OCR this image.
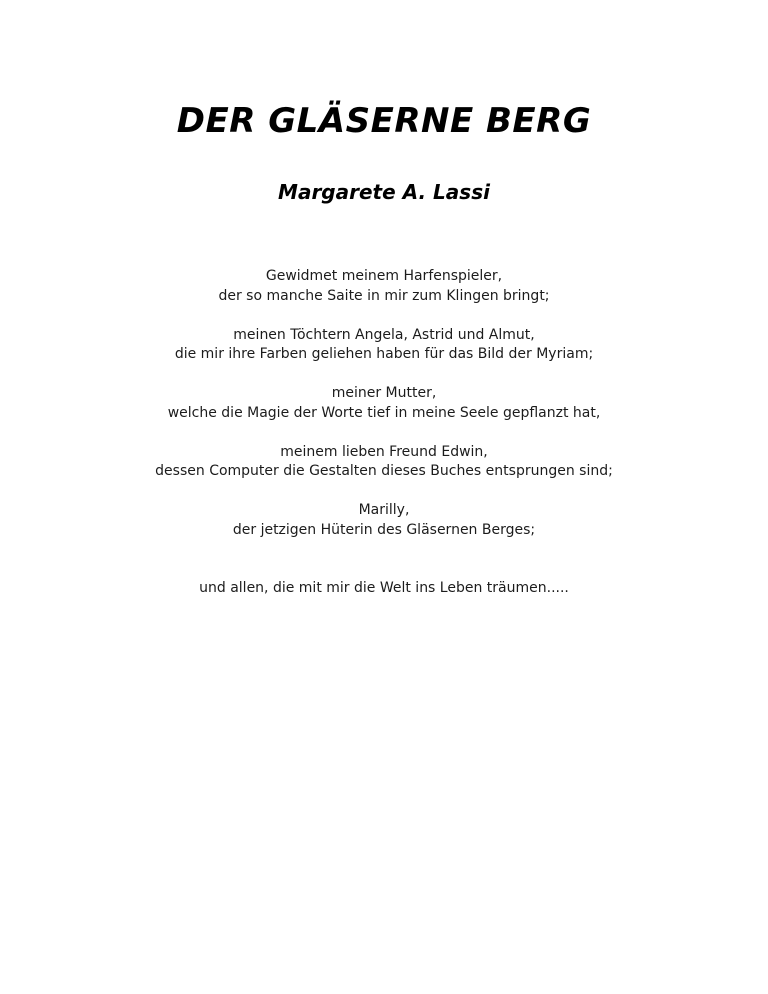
DER GLÄSERNE BERG
Margarete A. Lassi

Gewidmet meinem Harfenspieler,
der so manche Saite in mir zum Klingen bringt;

meinen Töchtern Angela, Astrid und Almut,
die mir ihre Farben geliehen haben für das Bild der Myriam;

meiner Mutter,
welche die Magie der Worte tief in meine Seele gepflanzt hat,

meinem lieben Freund Edwin,
dessen Computer die Gestalten dieses Buches entsprungen sind;

Marilly,
der jetzigen Hüterin des Gläsernen Berges;

und allen, die mit mir die Welt ins Leben träumen.....
